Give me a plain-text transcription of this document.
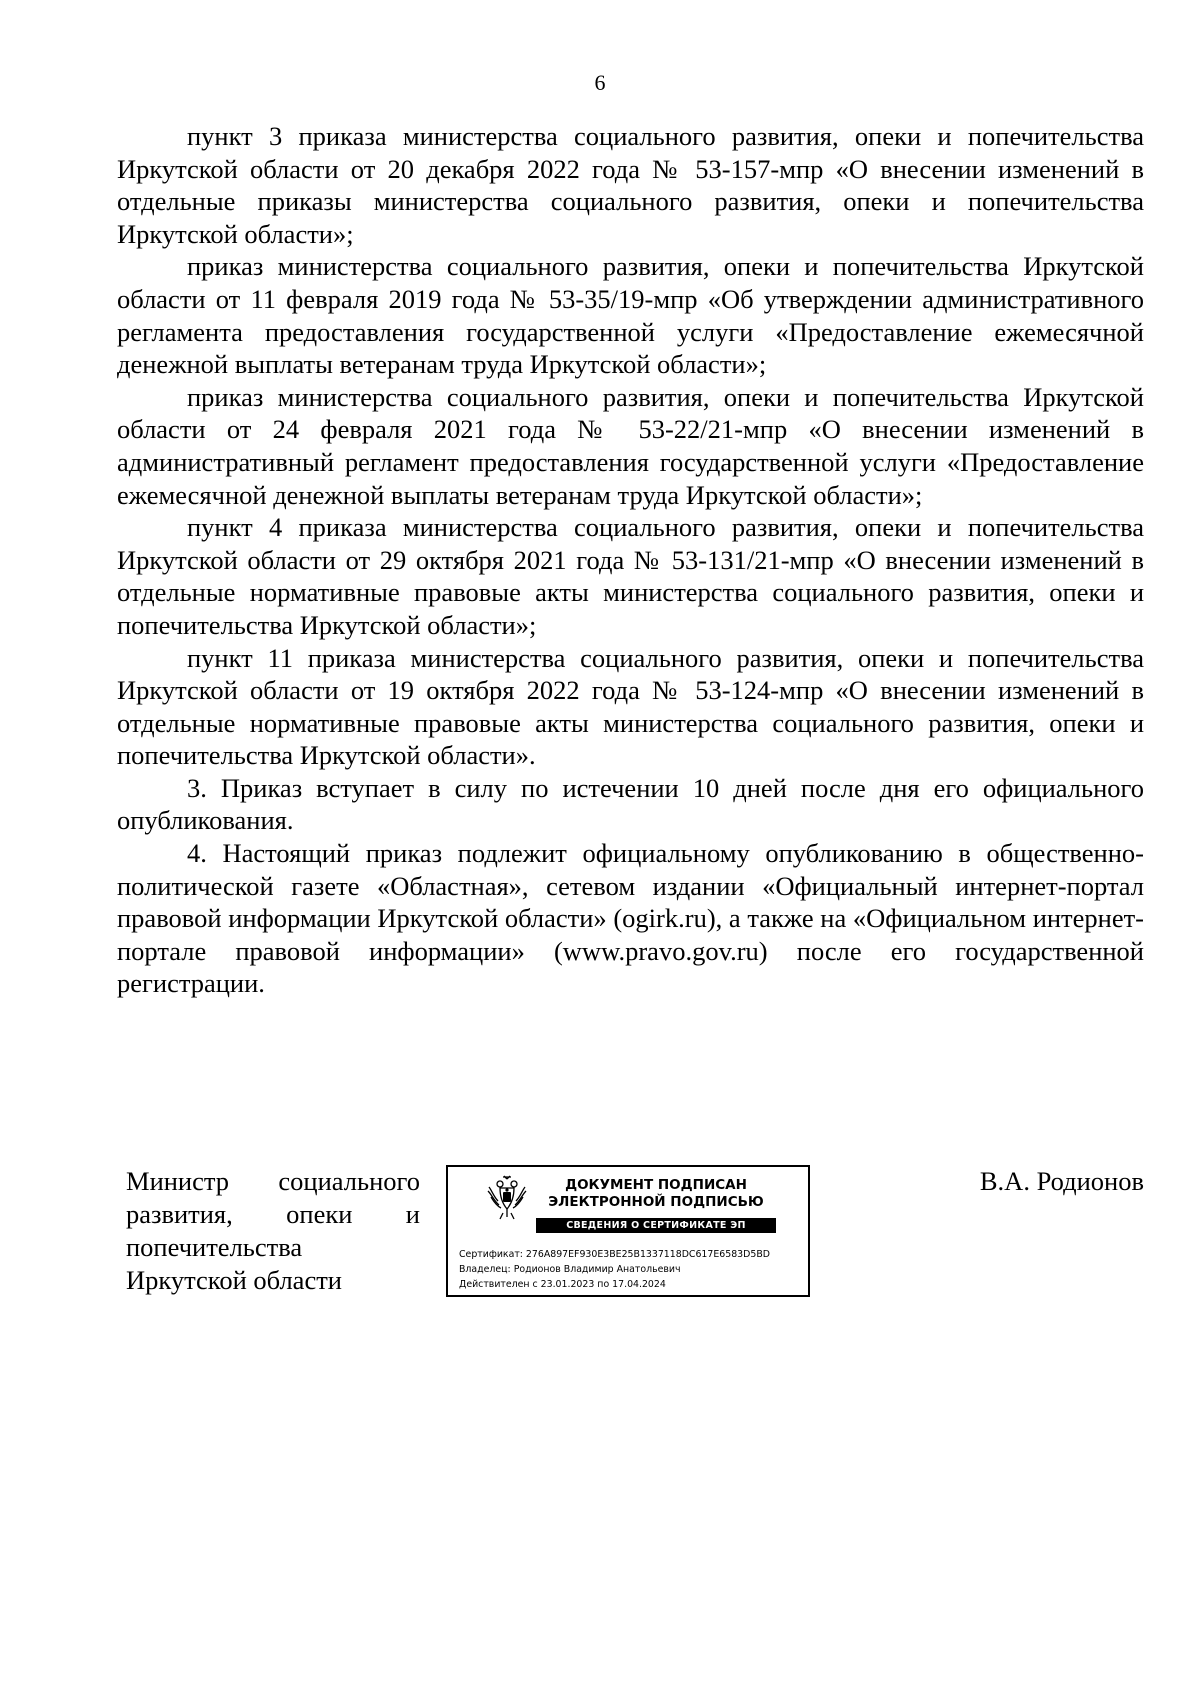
6

пункт 3 приказа министерства социального развития, опеки и попечительства Иркутской области от 20 декабря 2022 года № 53-157-мпр «О внесении изменений в отдельные приказы министерства социального развития, опеки и попечительства Иркутской области»;

приказ министерства социального развития, опеки и попечительства Иркутской области от 11 февраля 2019 года № 53-35/19-мпр «Об утверждении административного регламента предоставления государственной услуги «Предоставление ежемесячной денежной выплаты ветеранам труда Иркутской области»;

приказ министерства социального развития, опеки и попечительства Иркутской области от 24 февраля 2021 года № 53-22/21-мпр «О внесении изменений в административный регламент предоставления государственной услуги «Предоставление ежемесячной денежной выплаты ветеранам труда Иркутской области»;

пункт 4 приказа министерства социального развития, опеки и попечительства Иркутской области от 29 октября 2021 года № 53-131/21-мпр «О внесении изменений в отдельные нормативные правовые акты министерства социального развития, опеки и попечительства Иркутской области»;

пункт 11 приказа министерства социального развития, опеки и попечительства Иркутской области от 19 октября 2022 года № 53-124-мпр «О внесении изменений в отдельные нормативные правовые акты министерства социального развития, опеки и попечительства Иркутской области».

3. Приказ вступает в силу по истечении 10 дней после дня его официального опубликования.

4. Настоящий приказ подлежит официальному опубликованию в общественно-политической газете «Областная», сетевом издании «Официальный интернет-портал правовой информации Иркутской области» (ogirk.ru), а также на «Официальном интернет-портале правовой информации» (www.pravo.gov.ru) после его государственной регистрации.

Министр социального
развития, опеки и
попечительства
Иркутской области
ДОКУМЕНТ ПОДПИСАН
ЭЛЕКТРОННОЙ ПОДПИСЬЮ
СВЕДЕНИЯ О СЕРТИФИКАТЕ ЭП
Сертификат: 276A897EF930E3BE25B1337118DC617E6583D5BD
Владелец: Родионов Владимир Анатольевич
Действителен с 23.01.2023 по 17.04.2024
В.А. Родионов
